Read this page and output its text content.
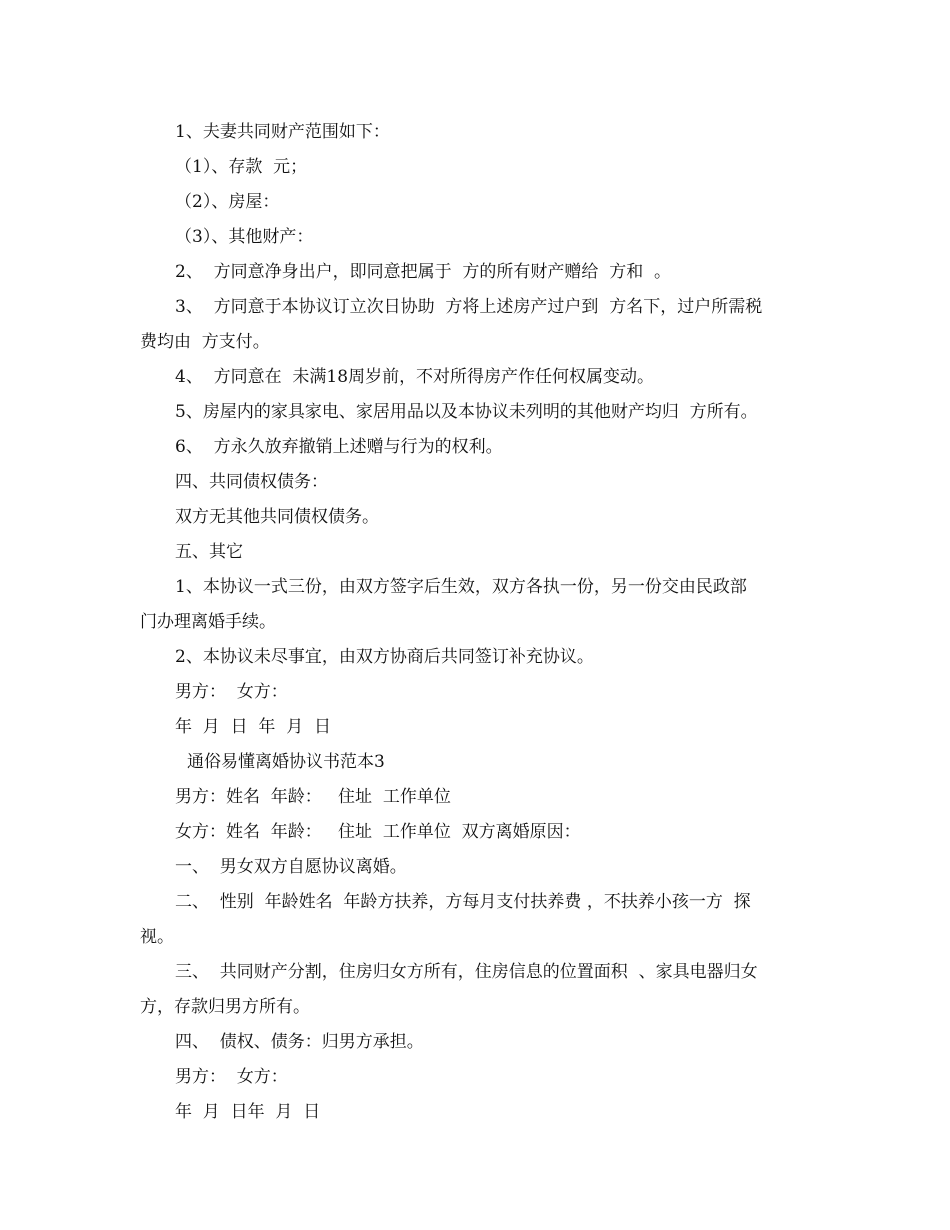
1、夫妻共同财产范围如下：
（1）、存款  元；
（2）、房屋：
（3）、其他财产：
2、  方同意净身出户，即同意把属于  方的所有财产赠给  方和  。
3、  方同意于本协议订立次日协助  方将上述房产过户到  方名下，过户所需税
费均由  方支付。
4、  方同意在  未满18周岁前，不对所得房产作任何权属变动。
5、房屋内的家具家电、家居用品以及本协议未列明的其他财产均归  方所有。
6、  方永久放弃撤销上述赠与行为的权利。
四、共同债权债务：
双方无其他共同债权债务。
五、其它
1、本协议一式三份，由双方签字后生效，双方各执一份，另一份交由民政部
门办理离婚手续。
2、本协议未尽事宜，由双方协商后共同签订补充协议。
男方：  女方：
年  月  日  年  月  日
通俗易懂离婚协议书范本3
男方：姓名  年龄：   住址  工作单位
女方：姓名  年龄：   住址  工作单位  双方离婚原因：
一、  男女双方自愿协议离婚。
二、  性别  年龄姓名  年龄方扶养，方每月支付扶养费 ，不扶养小孩一方  探
视。
三、  共同财产分割，住房归女方所有，住房信息的位置面积  、家具电器归女
方，存款归男方所有。
四、  债权、债务：归男方承担。
男方：  女方：
年  月  日年  月  日
